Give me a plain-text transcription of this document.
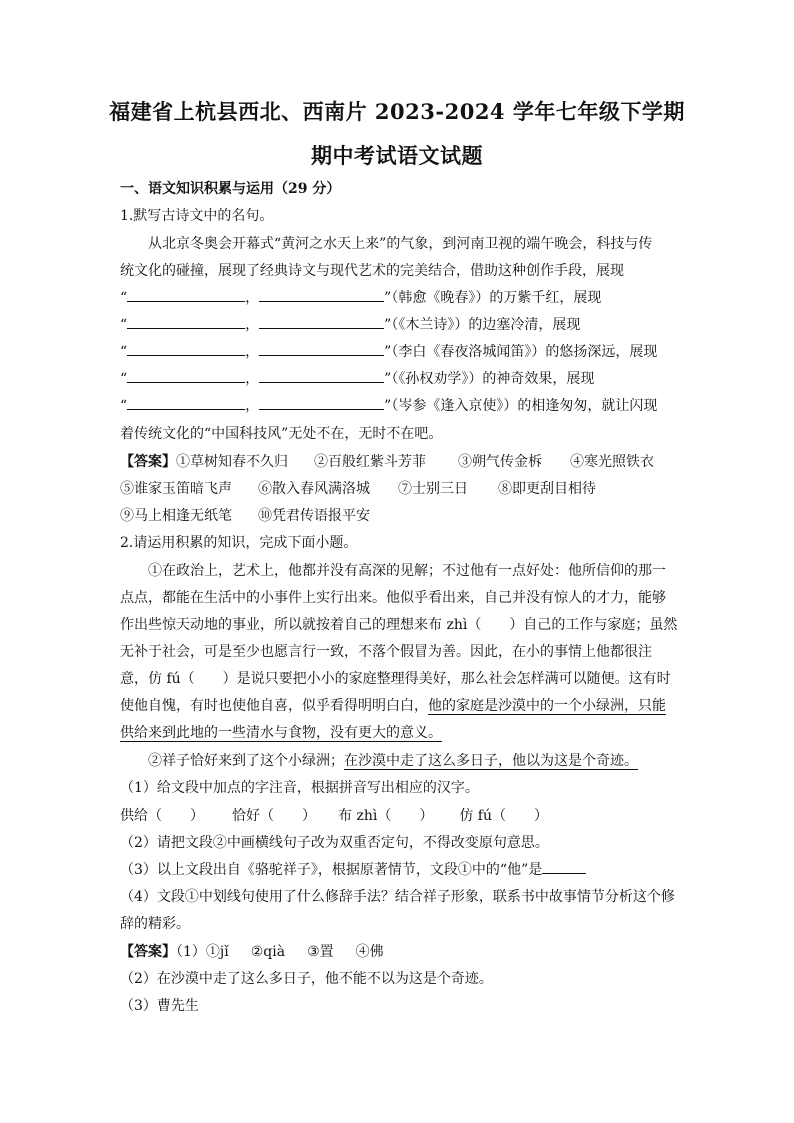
福建省上杭县西北、西南片 2023-2024 学年七年级下学期
期中考试语文试题
一、语文知识积累与运用（29 分）
1.默写古诗文中的名句。
从北京冬奥会开幕式“黄河之水天上来”的气象，到河南卫视的端午晚会，科技与传
统文化的碰撞，展现了经典诗文与现代艺术的完美结合，借助这种创作手段，展现
“	，	”（韩愈《晚春》）的万紫千红，展现
“	，	”（《木兰诗》）的边塞冷清，展现
“	，	”（李白《春夜洛城闻笛》）的悠扬深远，展现
“	，	”（《孙权劝学》）的神奇效果，展现
“	，	”（岑参《逢入京使》）的相逢匆匆，就让闪现
着传统文化的“中国科技风”无处不在，无时不在吧。
【答案】①草树知春不久归 ②百般红紫斗芳菲 ③朔气传金柝 ④寒光照铁衣
⑤谁家玉笛暗飞声 ⑥散入春风满洛城 ⑦士别三日 ⑧即更刮目相待
⑨马上相逢无纸笔 ⑩凭君传语报平安
2.请运用积累的知识，完成下面小题。
①在政治上，艺术上，他都并没有高深的见解；不过他有一点好处：他所信仰的那一
点点，都能在生活中的小事件上实行出来。他似乎看出来，自己并没有惊人的才力，能够
作出些惊天动地的事业，所以就按着自己的理想来布 zhì（　　）自己的工作与家庭；虽然
无补于社会，可是至少也愿言行一致，不落个假冒为善。因此，在小的事情上他都很注
意，仿 fú（　　）是说只要把小小的家庭整理得美好，那么社会怎样满可以随便。这有时
使他自愧，有时也使他自喜，似乎看得明明白白，他的家庭是沙漠中的一个小绿洲，只能
供给来到此地的一些清水与食物，没有更大的意义。
②祥子恰好来到了这个小绿洲；在沙漠中走了这么多日子，他以为这是个奇迹。
（1）给文段中加点的字注音，根据拼音写出相应的汉字。
供给（　　） 恰好（　　） 布 zhì（　　） 仿 fú（　　）
（2）请把文段②中画横线句子改为双重否定句，不得改变原句意思。
（3）以上文段出自《骆驼祥子》，根据原著情节，文段①中的“他”是
（4）文段①中划线句使用了什么修辞手法？结合祥子形象，联系书中故事情节分析这个修
辞的精彩。
【答案】（1）①jǐ ②qià ③置 ④佛
（2）在沙漠中走了这么多日子，他不能不以为这是个奇迹。
（3）曹先生
